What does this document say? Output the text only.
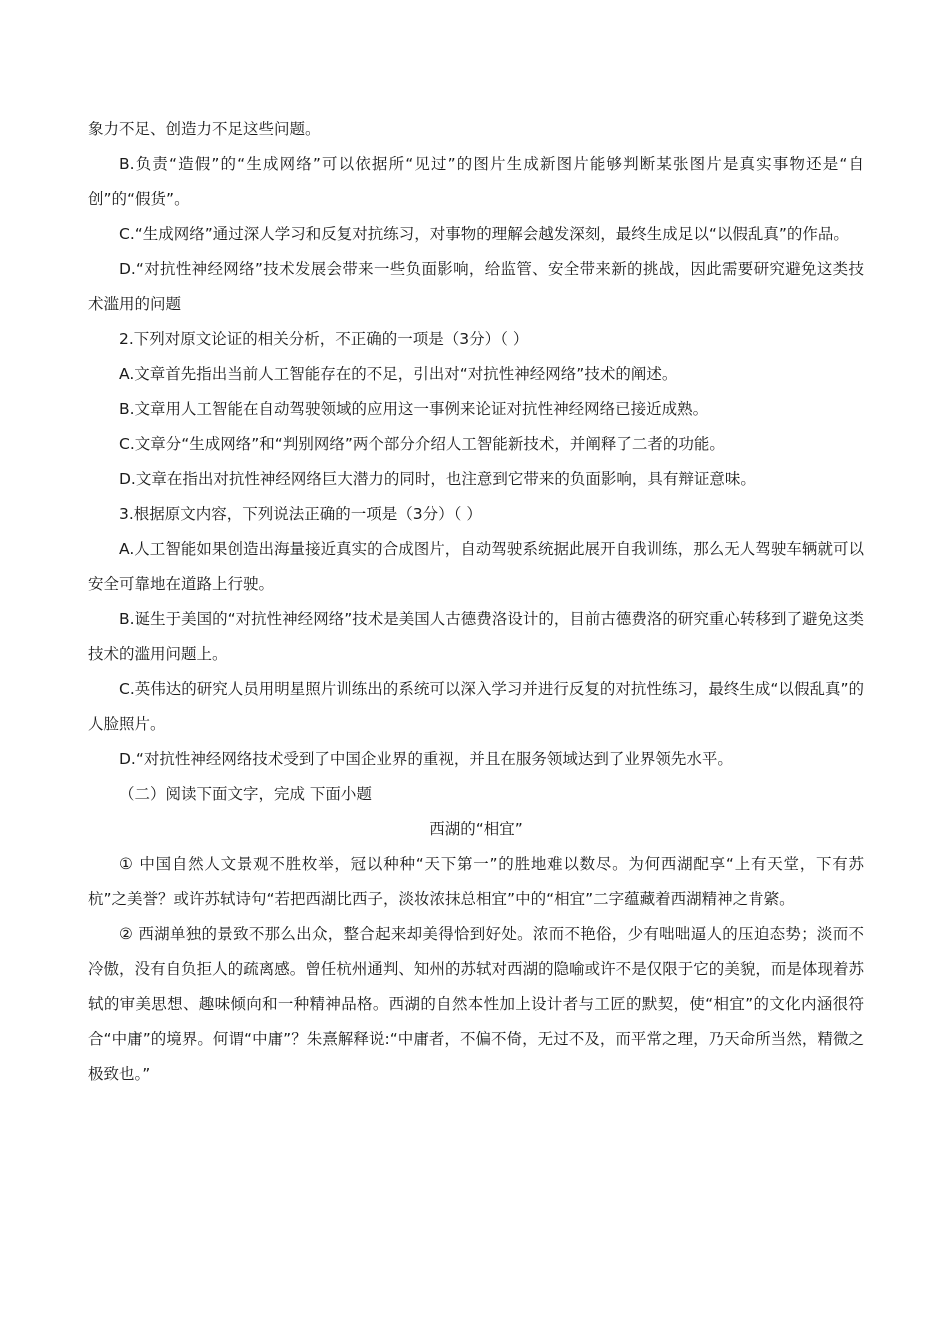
象力不足、创造力不足这些问题。

B.负责“造假”的“生成网络”可以依据所“见过”的图片生成新图片能够判断某张图片是真实事物还是“自创”的“假货”。

C.“生成网络”通过深人学习和反复对抗练习，对事物的理解会越发深刻，最终生成足以“以假乱真”的作品。

D.“对抗性神经网络”技术发展会带来一些负面影响，给监管、安全带来新的挑战，因此需要研究避免这类技术滥用的问题

2.下列对原文论证的相关分析，不正确的一项是（3分）（ ）

A.文章首先指出当前人工智能存在的不足，引出对“对抗性神经网络”技术的阐述。

B.文章用人工智能在自动驾驶领域的应用这一事例来论证对抗性神经网络已接近成熟。

C.文章分“生成网络”和“判别网络”两个部分介绍人工智能新技术，并阐释了二者的功能。

D.文章在指出对抗性神经网络巨大潜力的同时，也注意到它带来的负面影响，具有辩证意味。

3.根据原文内容，下列说法正确的一项是（3分）（ ）

A.人工智能如果创造出海量接近真实的合成图片，自动驾驶系统据此展开自我训练，那么无人驾驶车辆就可以安全可靠地在道路上行驶。

B.诞生于美国的“对抗性神经网络”技术是美国人古德费洛设计的，目前古德费洛的研究重心转移到了避免这类技术的滥用问题上。

C.英伟达的研究人员用明星照片训练出的系统可以深入学习并进行反复的对抗性练习，最终生成“以假乱真”的人脸照片。

D.“对抗性神经网络技术受到了中国企业界的重视，并且在服务领域达到了业界领先水平。

（二）阅读下面文字，完成 下面小题

西湖的“相宜”

① 中国自然人文景观不胜枚举，冠以种种“天下第一”的胜地难以数尽。为何西湖配享“上有天堂，下有苏杭”之美誉？或许苏轼诗句“若把西湖比西子，淡妆浓抹总相宜”中的“相宜”二字蕴藏着西湖精神之肯綮。

② 西湖单独的景致不那么出众，整合起来却美得恰到好处。浓而不艳俗，少有咄咄逼人的压迫态势；淡而不冷傲，没有自负拒人的疏离感。曾任杭州通判、知州的苏轼对西湖的隐喻或许不是仅限于它的美貌，而是体现着苏轼的审美思想、趣味倾向和一种精神品格。西湖的自然本性加上设计者与工匠的默契，使“相宜”的文化内涵很符合“中庸”的境界。何谓“中庸”？朱熹解释说:“中庸者，不偏不倚，无过不及，而平常之理，乃天命所当然，精微之极致也。”
